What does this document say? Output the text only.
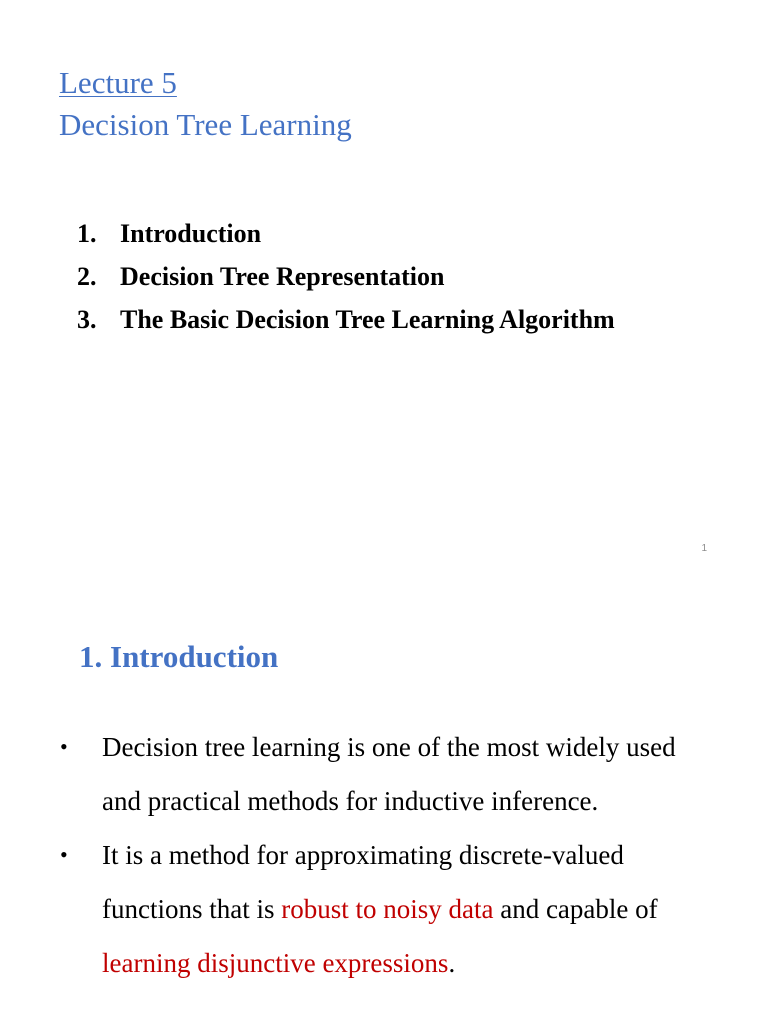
Lecture 5
Decision Tree Learning
1. Introduction
2. Decision Tree Representation
3. The Basic Decision Tree Learning Algorithm
1
1. Introduction
• Decision tree learning is one of the most widely used and practical methods for inductive inference.
• It is a method for approximating discrete-valued functions that is robust to noisy data and capable of learning disjunctive expressions.
